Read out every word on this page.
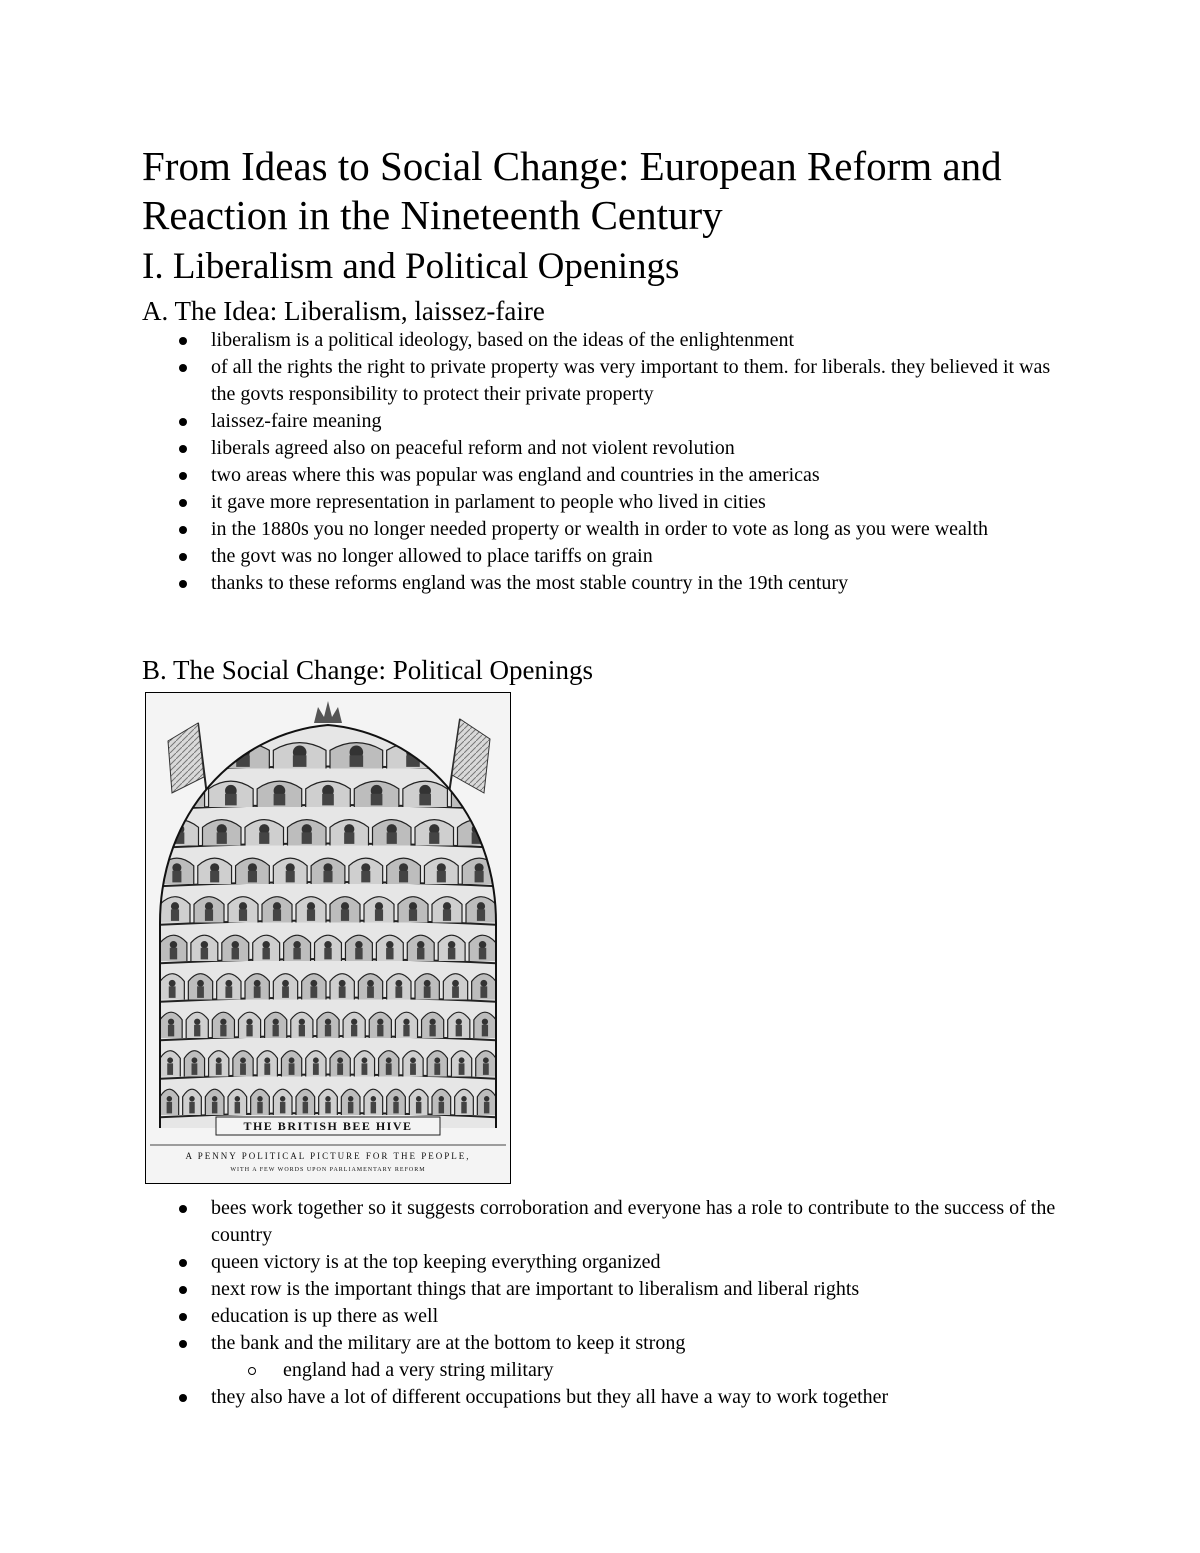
From Ideas to Social Change: European Reform and Reaction in the Nineteenth Century
I. Liberalism and Political Openings
A. The Idea: Liberalism, laissez-faire
liberalism is a political ideology, based on the ideas of the enlightenment
of all the rights the right to private property was very important to them. for liberals. they believed it was the govts responsibility to protect their private property
laissez-faire meaning
liberals agreed also on peaceful reform and not violent revolution
two areas where this was popular was england and countries in the americas
it gave more representation in parlament to people who lived in cities
in the 1880s you no longer needed property or wealth in order to vote as long as you were wealth
the govt was no longer allowed to place tariffs on grain
thanks to these reforms england was the most stable country in the 19th century
B. The Social Change: Political Openings
THE BRITISH BEE HIVE
A PENNY POLITICAL PICTURE FOR THE PEOPLE,
WITH A FEW WORDS UPON PARLIAMENTARY REFORM
bees work together so it suggests corroboration and everyone has a role to contribute to the success of the country
queen victory is at the top keeping everything organized
next row is the important things that are important to liberalism and liberal rights
education is up there as well
the bank and the military are at the bottom to keep it strong
england had a very string military
they also have a lot of different occupations but they all have a way to work together
